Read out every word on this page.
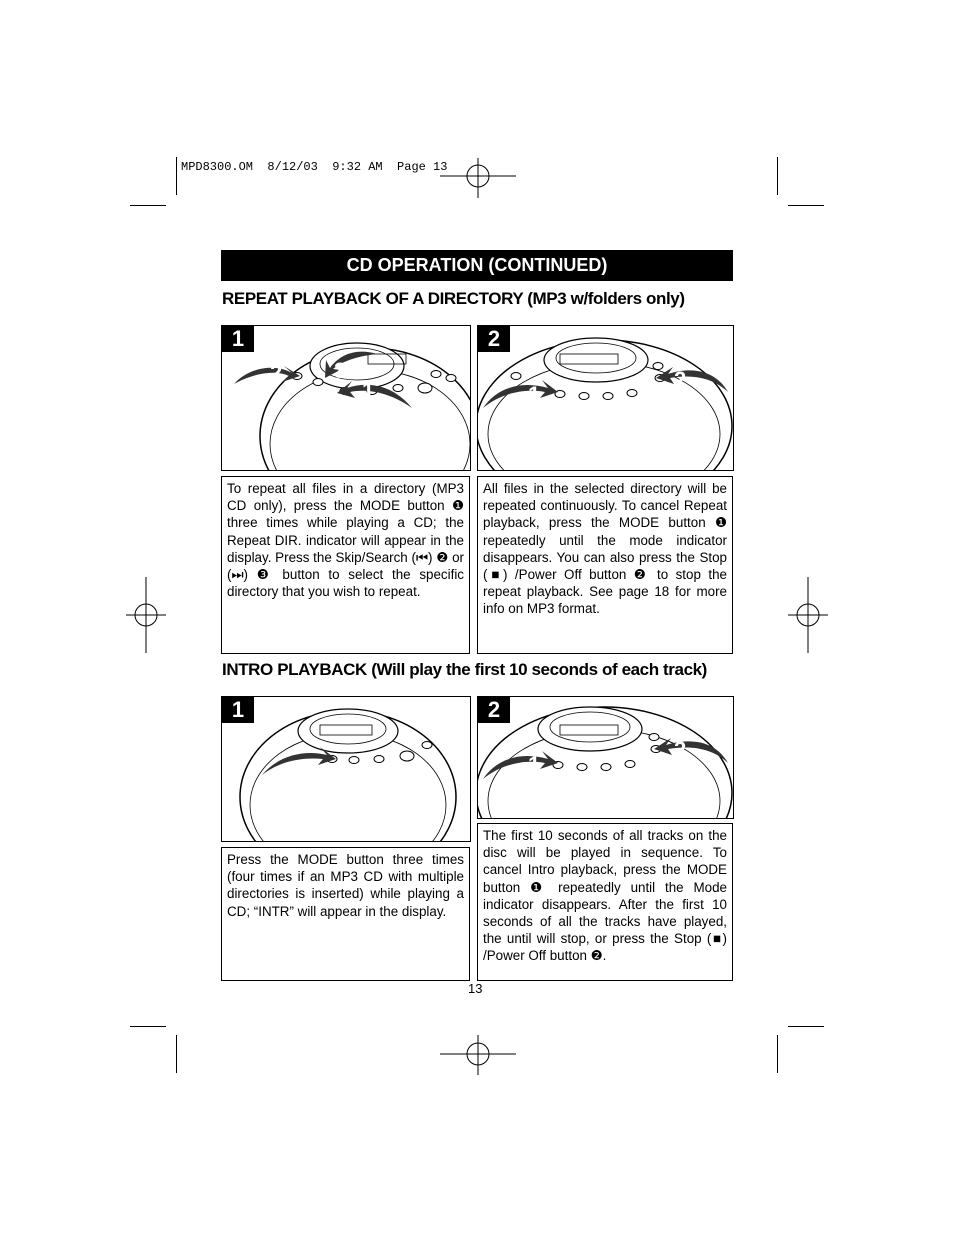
MPD8300.OM  8/12/03  9:32 AM  Page 13
CD OPERATION (CONTINUED)
REPEAT PLAYBACK OF A DIRECTORY (MP3 w/folders only)
1
2 3
1
2
1
2
To repeat all files in a directory (MP3 CD only), press the MODE button ❶ three times while playing a CD; the Repeat DIR. indicator will appear in the display. Press the Skip/Search (⏮) ❷ or (⏭) ❸ button to select the specific directory that you wish to repeat.
All files in the selected directory will be repeated continuously. To cancel Repeat playback, press the MODE button ❶ repeatedly until the mode indicator disappears. You can also press the Stop (■) /Power Off button ❷ to stop the repeat playback. See page 18 for more info on MP3 format.
INTRO PLAYBACK (Will play the first 10 seconds of each track)
1	2
1
2
Press the MODE button three times (four times if an MP3 CD with multiple directories is inserted) while playing a CD; “INTR” will appear in the display.
The first 10 seconds of all tracks on the disc will be played in sequence. To cancel Intro playback, press the MODE button ❶ repeatedly until the Mode indicator disappears. After the first 10 seconds of all the tracks have played, the until will stop, or press the Stop (■) /Power Off button ❷.
13
